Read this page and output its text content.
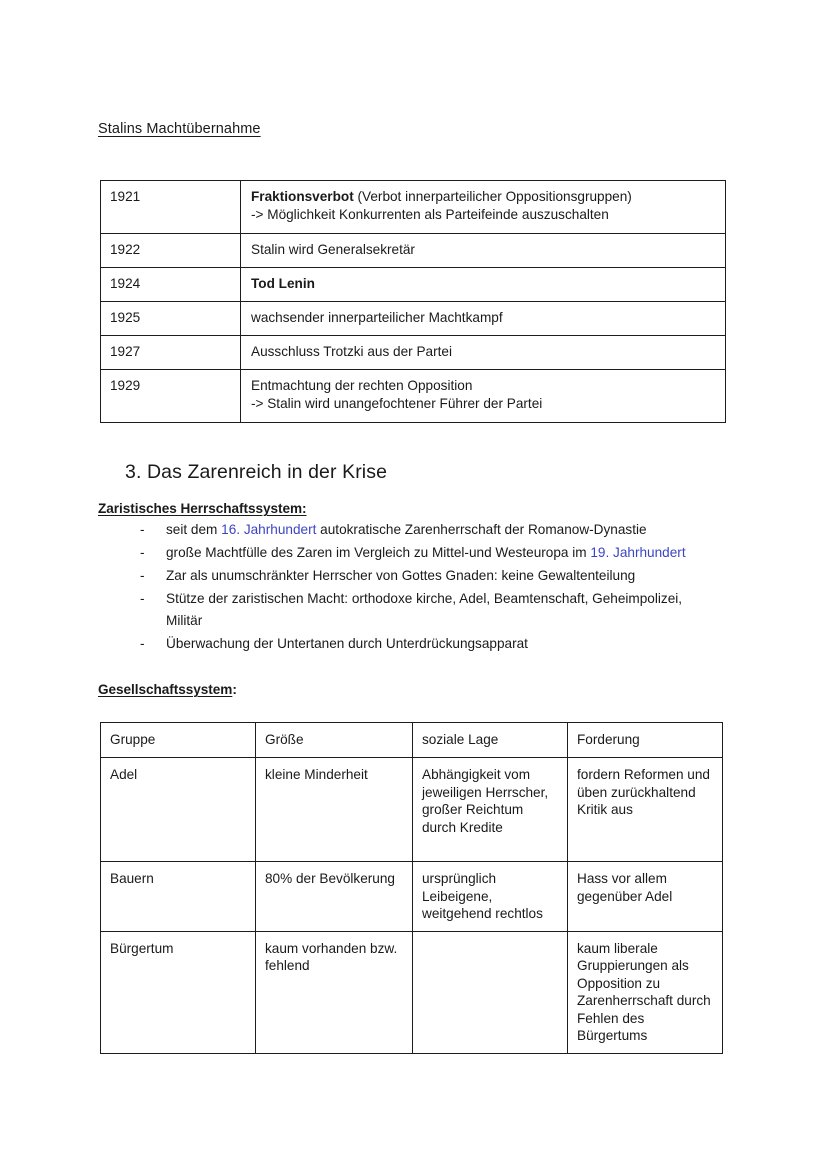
Stalins Machtübernahme
1921	Fraktionsverbot (Verbot innerparteilicher Oppositionsgruppen)
-> Möglichkeit Konkurrenten als Parteifeinde auszuschalten
1922	Stalin wird Generalsekretär
1924	Tod Lenin
1925	wachsender innerparteilicher Machtkampf
1927	Ausschluss Trotzki aus der Partei
1929	Entmachtung der rechten Opposition
-> Stalin wird unangefochtener Führer der Partei
3. Das Zarenreich in der Krise
Zaristisches Herrschaftssystem:
- seit dem 16. Jahrhundert autokratische Zarenherrschaft der Romanow-Dynastie
- große Machtfülle des Zaren im Vergleich zu Mittel-und Westeuropa im 19. Jahrhundert
- Zar als unumschränkter Herrscher von Gottes Gnaden: keine Gewaltenteilung
- Stütze der zaristischen Macht: orthodoxe kirche, Adel, Beamtenschaft, Geheimpolizei, Militär
- Überwachung der Untertanen durch Unterdrückungsapparat
Gesellschaftssystem:
Gruppe	Größe	soziale Lage	Forderung
Adel	kleine Minderheit	Abhängigkeit vom jeweiligen Herrscher, großer Reichtum durch Kredite	fordern Reformen und üben zurückhaltend Kritik aus
Bauern	80% der Bevölkerung	ursprünglich Leibeigene, weitgehend rechtlos	Hass vor allem gegenüber Adel
Bürgertum	kaum vorhanden bzw. fehlend		kaum liberale Gruppierungen als Opposition zu Zarenherrschaft durch Fehlen des Bürgertums
